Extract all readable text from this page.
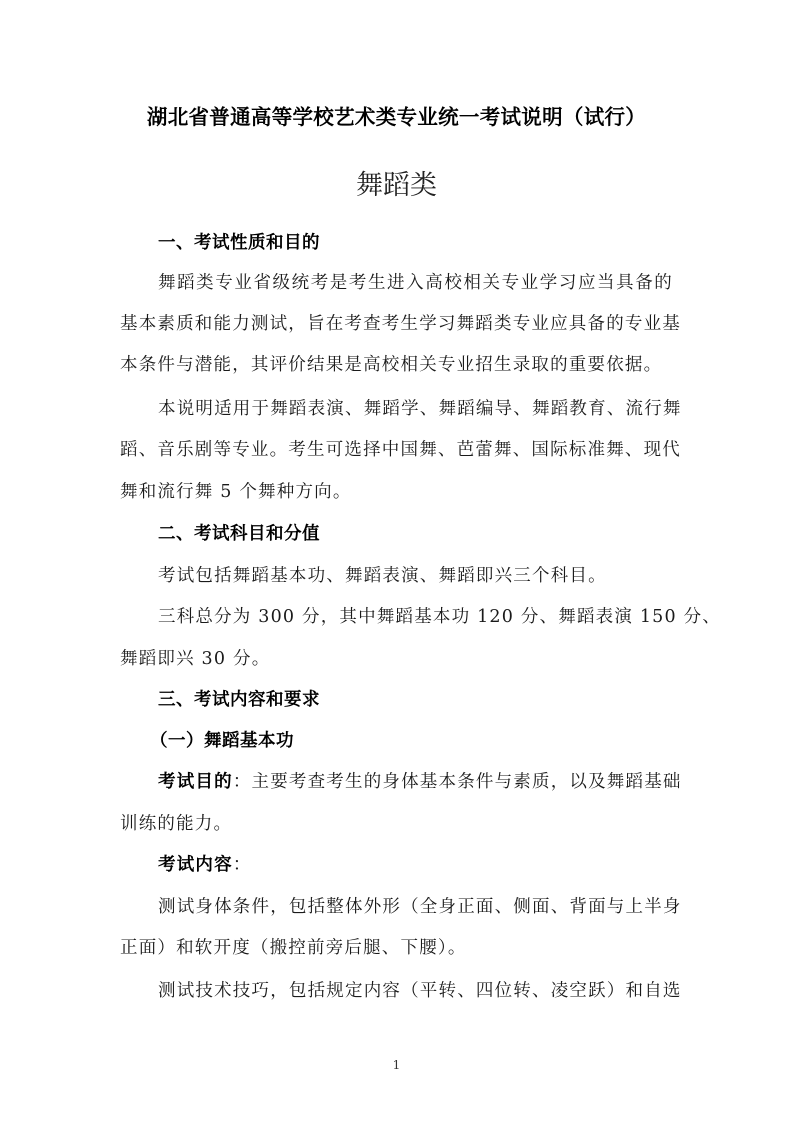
湖北省普通高等学校艺术类专业统一考试说明（试行）
舞蹈类
一、考试性质和目的
舞蹈类专业省级统考是考生进入高校相关专业学习应当具备的
基本素质和能力测试，旨在考查考生学习舞蹈类专业应具备的专业基
本条件与潜能，其评价结果是高校相关专业招生录取的重要依据。
本说明适用于舞蹈表演、舞蹈学、舞蹈编导、舞蹈教育、流行舞
蹈、音乐剧等专业。考生可选择中国舞、芭蕾舞、国际标准舞、现代
舞和流行舞 5 个舞种方向。
二、考试科目和分值
考试包括舞蹈基本功、舞蹈表演、舞蹈即兴三个科目。
三科总分为 300 分，其中舞蹈基本功 120 分、舞蹈表演 150 分、
舞蹈即兴 30 分。
三、考试内容和要求
（一）舞蹈基本功
考试目的：主要考查考生的身体基本条件与素质，以及舞蹈基础
训练的能力。
考试内容：
测试身体条件，包括整体外形（全身正面、侧面、背面与上半身
正面）和软开度（搬控前旁后腿、下腰）。
测试技术技巧，包括规定内容（平转、四位转、凌空跃）和自选
1
